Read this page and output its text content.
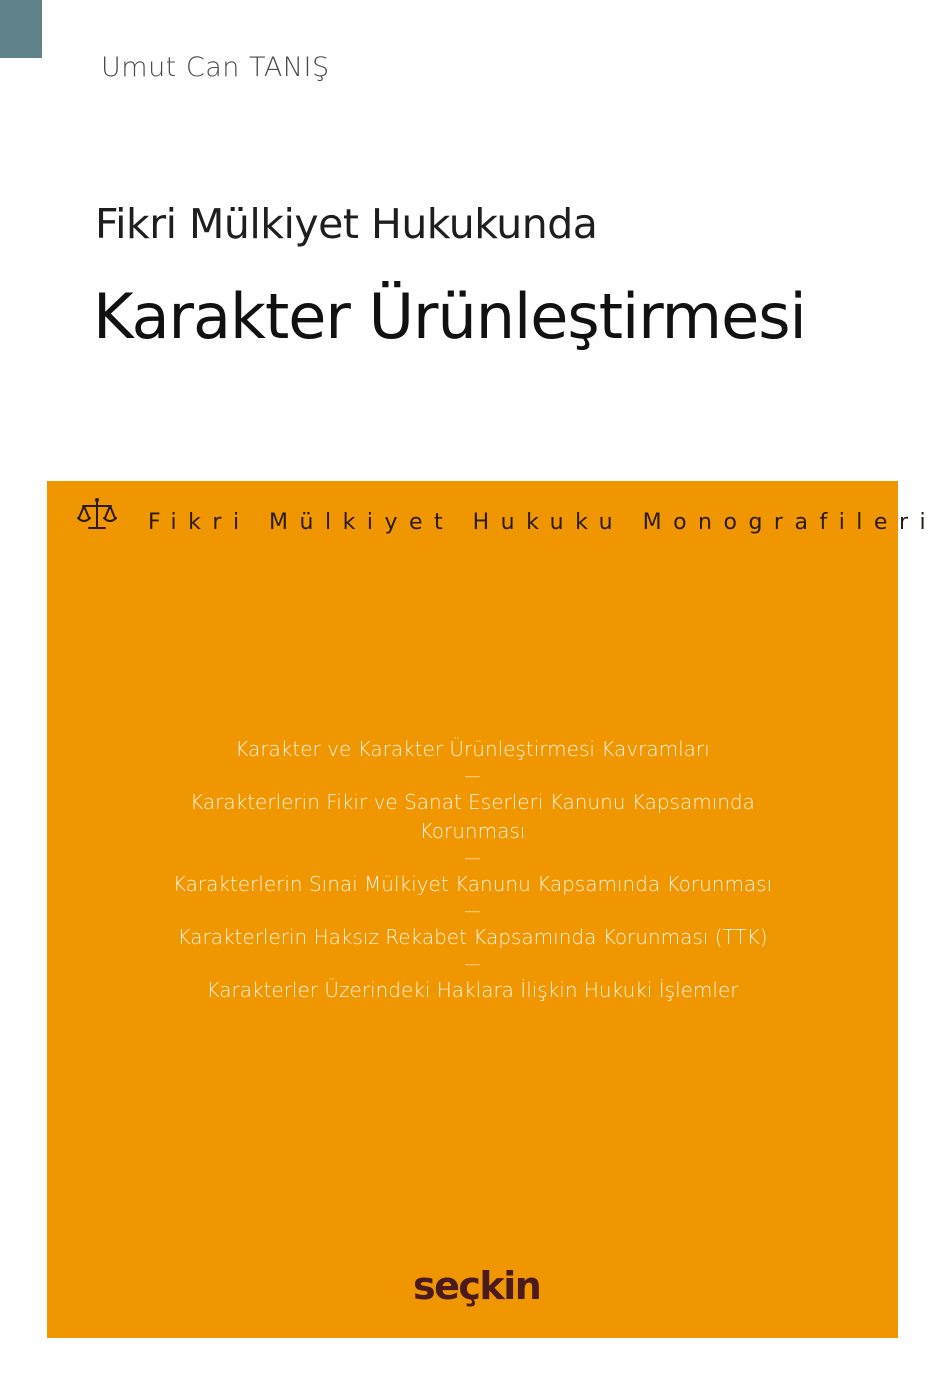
Umut Can TANIŞ
Fikri Mülkiyet Hukukunda
Karakter Ürünleştirmesi
Fikri Mülkiyet Hukuku Monografileri
Karakter ve Karakter Ürünleştirmesi Kavramları
—
Karakterlerin Fikir ve Sanat Eserleri Kanunu Kapsamında Korunması
—
Karakterlerin Sınai Mülkiyet Kanunu Kapsamında Korunması
—
Karakterlerin Haksız Rekabet Kapsamında Korunması (TTK)
—
Karakterler Üzerindeki Haklara İlişkin Hukuki İşlemler
seçkin
